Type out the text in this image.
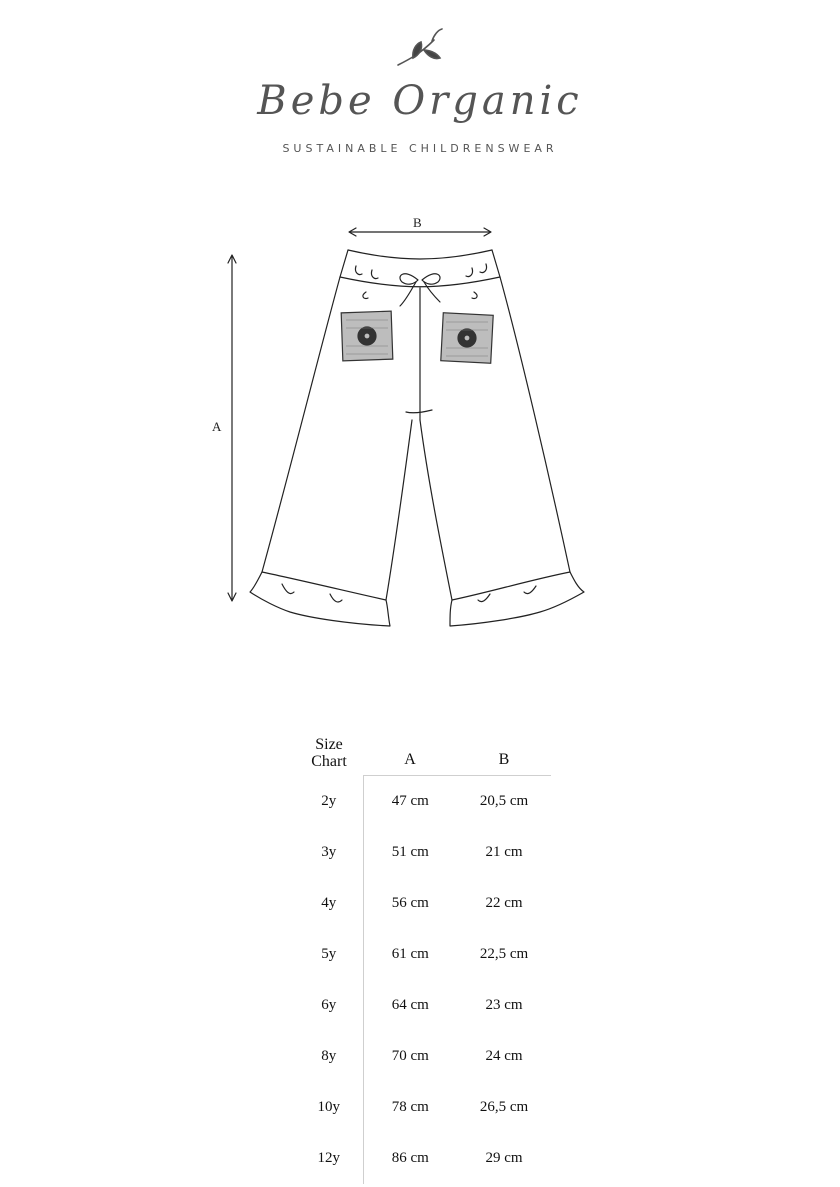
Bebe Organic
SUSTAINABLE CHILDRENSWEAR
B
A
Size
Chart	A	B
2y	47 cm	20,5 cm
3y	51 cm	21 cm
4y	56 cm	22 cm
5y	61 cm	22,5 cm
6y	64 cm	23 cm
8y	70 cm	24 cm
10y	78 cm	26,5 cm
12y	86 cm	29 cm
